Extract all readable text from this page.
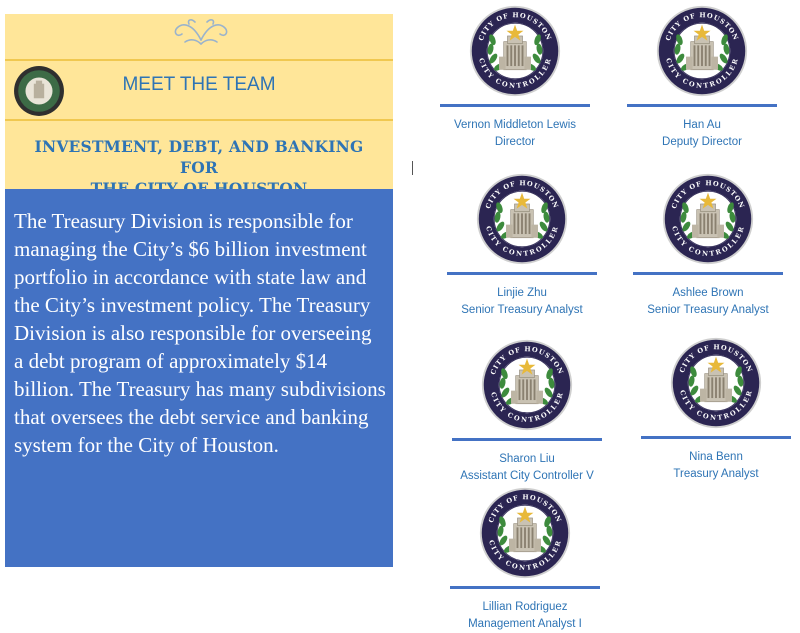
MEET THE TEAM
INVESTMENT, DEBT, AND BANKING FOR
The Treasury Division is responsible for managing the City’s $6 billion investment portfolio in accordance with state law and the City’s investment policy. The Treasury Division is also responsible for overseeing a debt program of approximately $14 billion. The Treasury has many subdivisions that oversees the debt service and banking system for the City of Houston.
CITY OF HOUSTON
CITY CONTROLLER
Vernon Middleton Lewis
Director
CITY OF HOUSTON
CITY CONTROLLER
Han Au
Deputy Director
CITY OF HOUSTON
CITY CONTROLLER
Linjie Zhu
Senior Treasury Analyst
CITY OF HOUSTON
CITY CONTROLLER
Ashlee Brown
Senior Treasury Analyst
CITY OF HOUSTON
CITY CONTROLLER
Sharon Liu
Assistant City Controller V
CITY OF HOUSTON
CITY CONTROLLER
Nina Benn
Treasury Analyst
CITY OF HOUSTON
CITY CONTROLLER
Lillian Rodriguez
Management Analyst I
